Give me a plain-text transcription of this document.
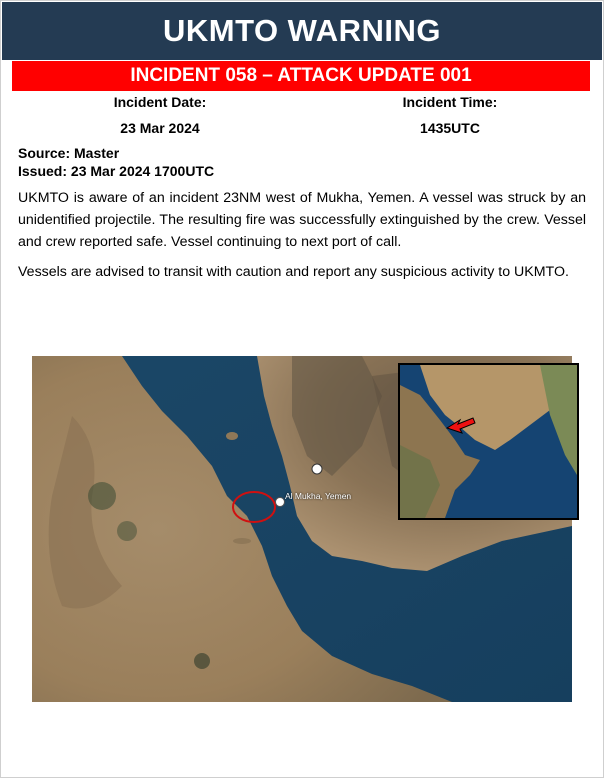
UKMTO WARNING
INCIDENT 058 – ATTACK UPDATE 001
Incident Date:
23 Mar 2024
Incident Time:
1435UTC
Source: Master
Issued: 23 Mar 2024 1700UTC
UKMTO is aware of an incident 23NM west of Mukha, Yemen. A vessel was struck by an unidentified projectile. The resulting fire was successfully extinguished by the crew. Vessel and crew reported safe. Vessel continuing to next port of call.
Vessels are advised to transit with caution and report any suspicious activity to UKMTO.
Al Mukha, Yemen
